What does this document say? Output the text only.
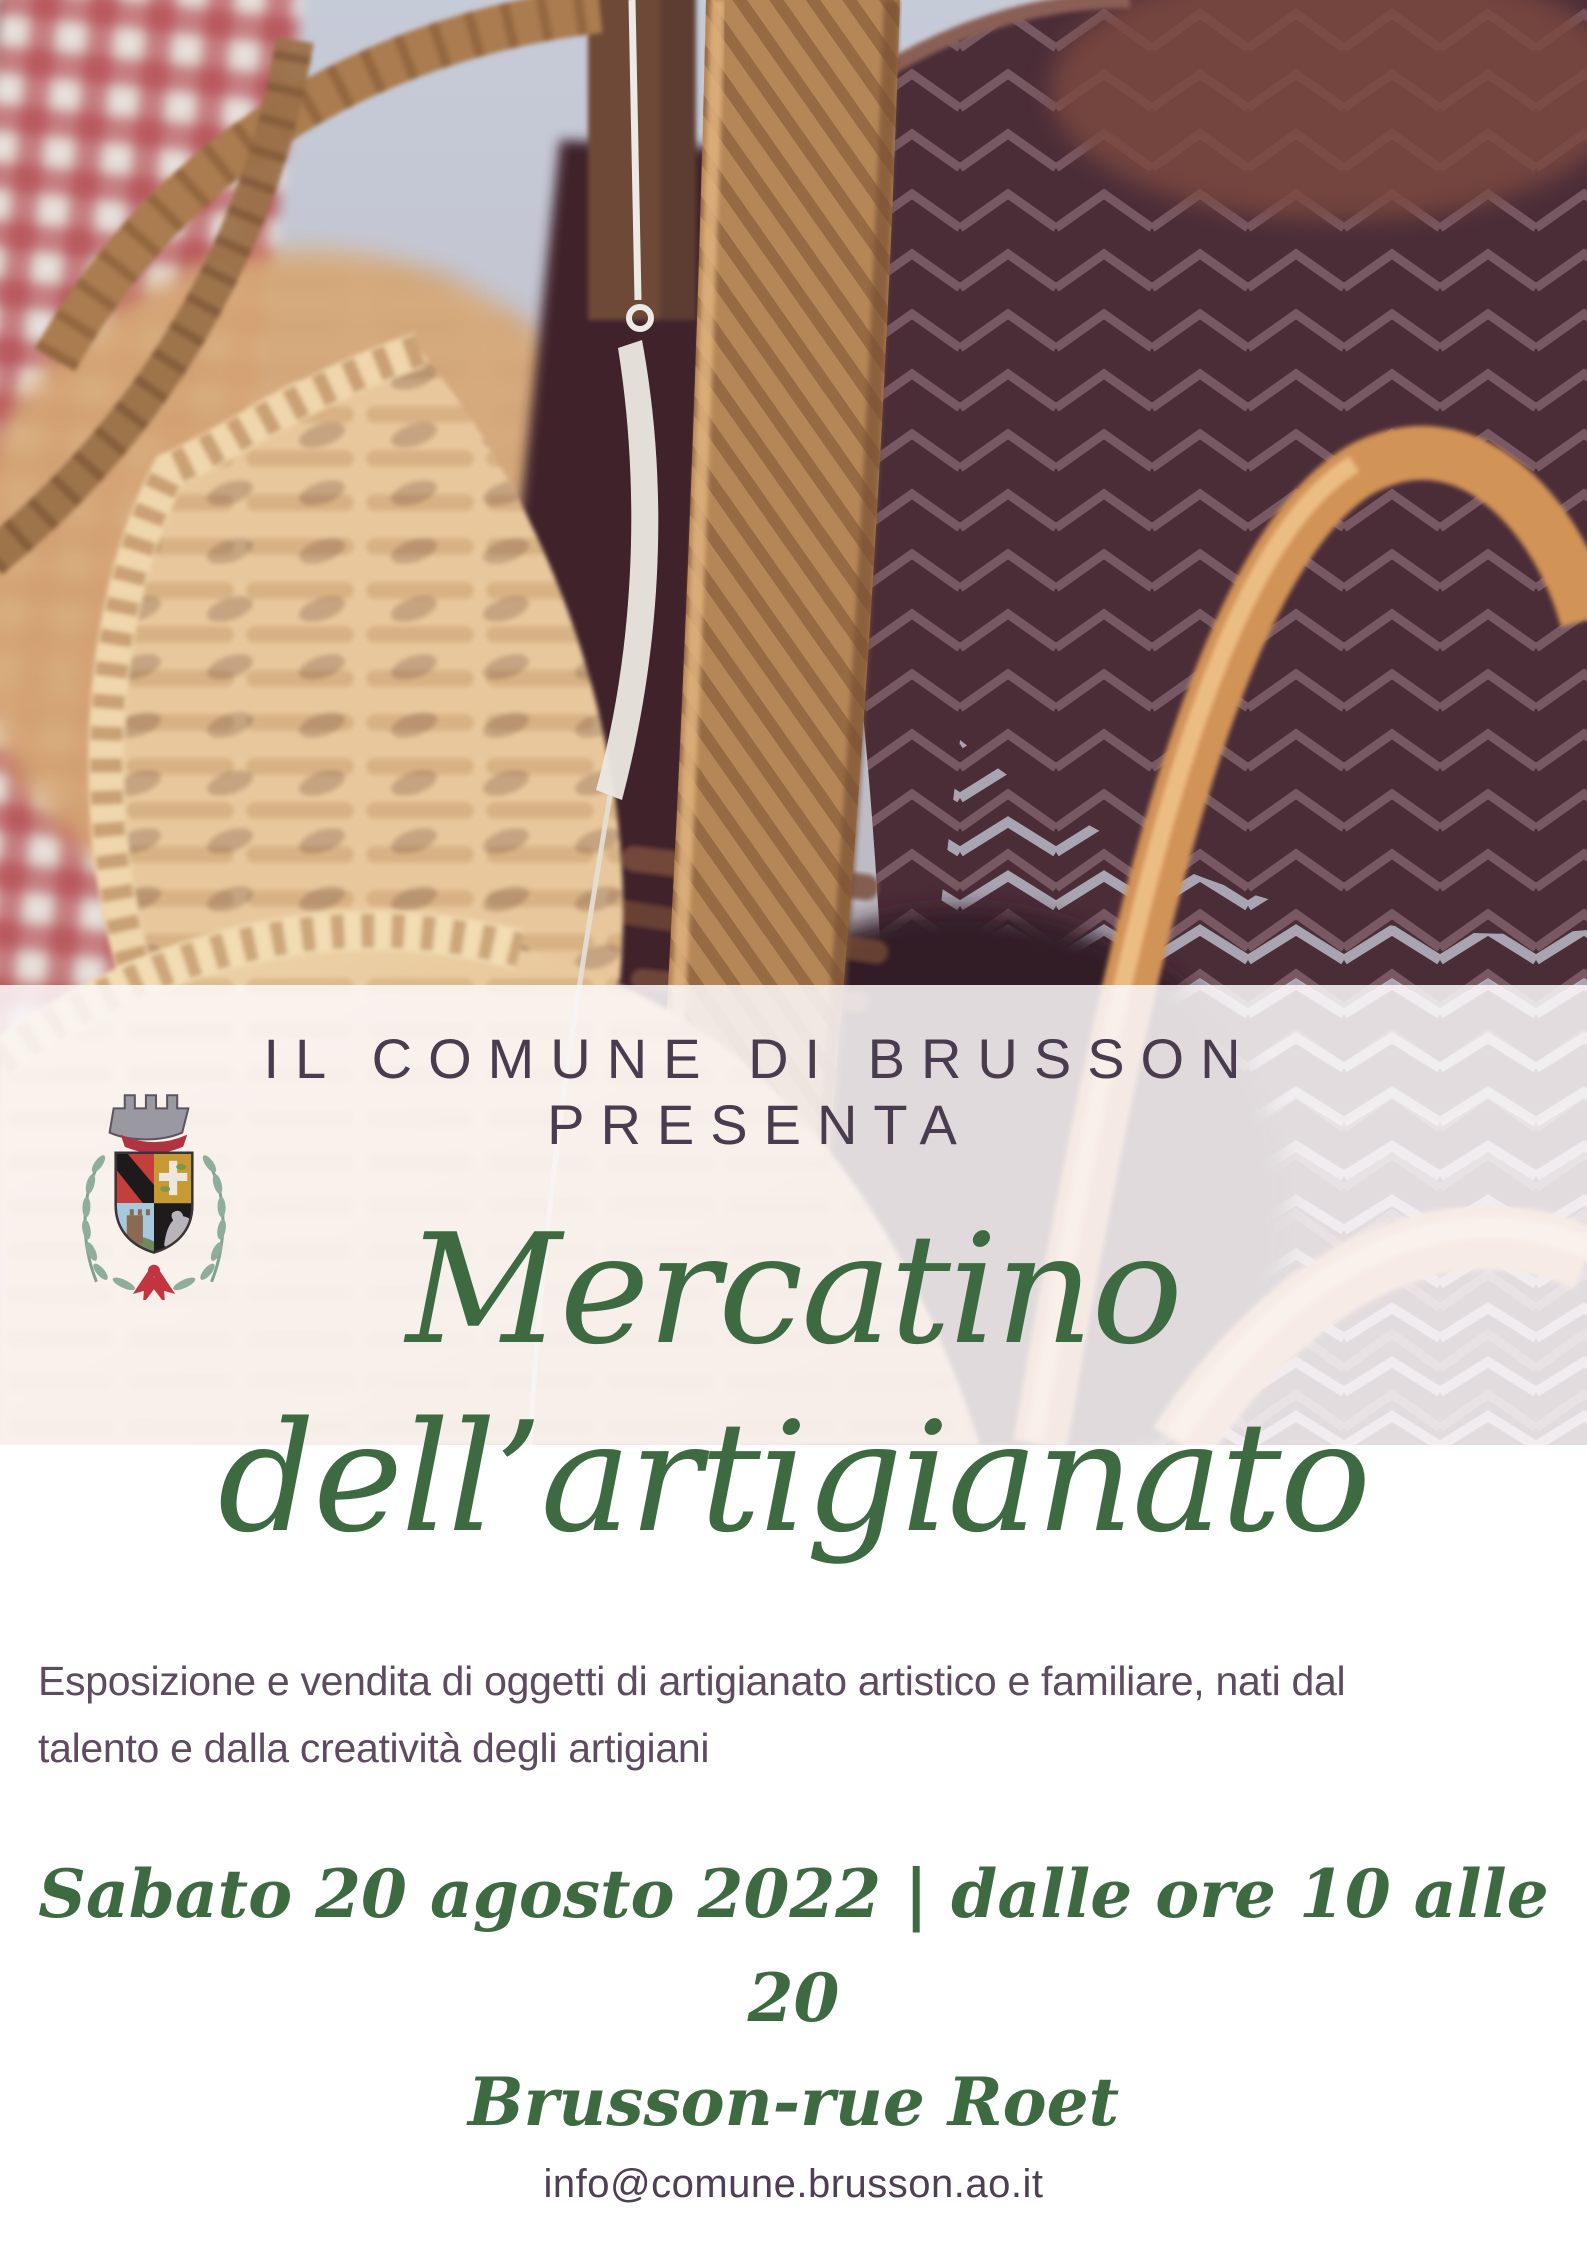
IL COMUNE DI BRUSSON
PRESENTA
Mercatino
dell’artigianato
Esposizione e vendita di oggetti di artigianato artistico e familiare, nati dal
talento e dalla creatività degli artigiani
Sabato 20 agosto 2022 | dalle ore 10 alle 20
Brusson-rue Roet
info@comune.brusson.ao.it
